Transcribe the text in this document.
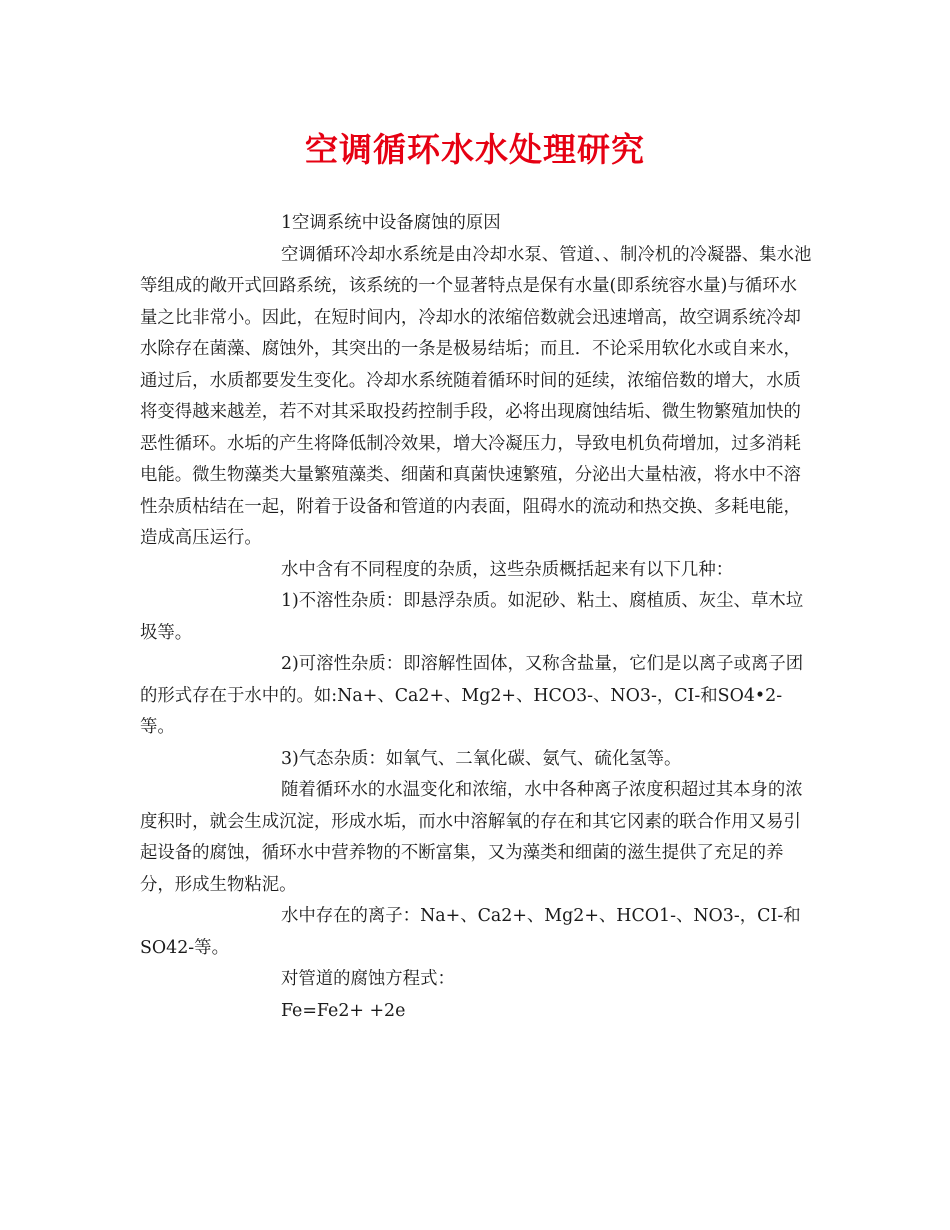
空调循环水水处理研究

1空调系统中设备腐蚀的原因

空调循环冷却水系统是由冷却水泵、管道、、制冷机的冷凝器、集水池等组成的敞开式回路系统，该系统的一个显著特点是保有水量(即系统容水量)与循环水量之比非常小。因此，在短时间内，冷却水的浓缩倍数就会迅速增高，故空调系统冷却水除存在菌藻、腐蚀外，其突出的一条是极易结垢；而且．不论采用软化水或自来水，通过后，水质都要发生变化。冷却水系统随着循环时间的延续，浓缩倍数的增大，水质将变得越来越差，若不对其采取投药控制手段，必将出现腐蚀结垢、微生物繁殖加快的恶性循环。水垢的产生将降低制冷效果，增大冷凝压力，导致电机负荷增加，过多消耗电能。微生物藻类大量繁殖藻类、细菌和真菌快速繁殖，分泌出大量枯液，将水中不溶性杂质枯结在一起，附着于设备和管道的内表面，阻碍水的流动和热交换、多耗电能，造成高压运行。

水中含有不同程度的杂质，这些杂质概括起来有以下几种：

1)不溶性杂质：即悬浮杂质。如泥砂、粘土、腐植质、灰尘、草木垃圾等。

2)可溶性杂质：即溶解性固体，又称含盐量，它们是以离子或离子团的形式存在于水中的。如:Na+、Ca2+、Mg2+、HCO3-、NO3-，CI-和SO4•2-等。

3)气态杂质：如氧气、二氧化碳、氨气、硫化氢等。

随着循环水的水温变化和浓缩，水中各种离子浓度积超过其本身的浓度积时，就会生成沉淀，形成水垢，而水中溶解氧的存在和其它冈素的联合作用又易引起设备的腐蚀，循环水中营养物的不断富集，又为藻类和细菌的滋生提供了充足的养分，形成生物粘泥。

水中存在的离子：Na+、Ca2+、Mg2+、HCO1-、NO3-，CI-和SO42-等。

对管道的腐蚀方程式：

Fe=Fe2+ +2e
